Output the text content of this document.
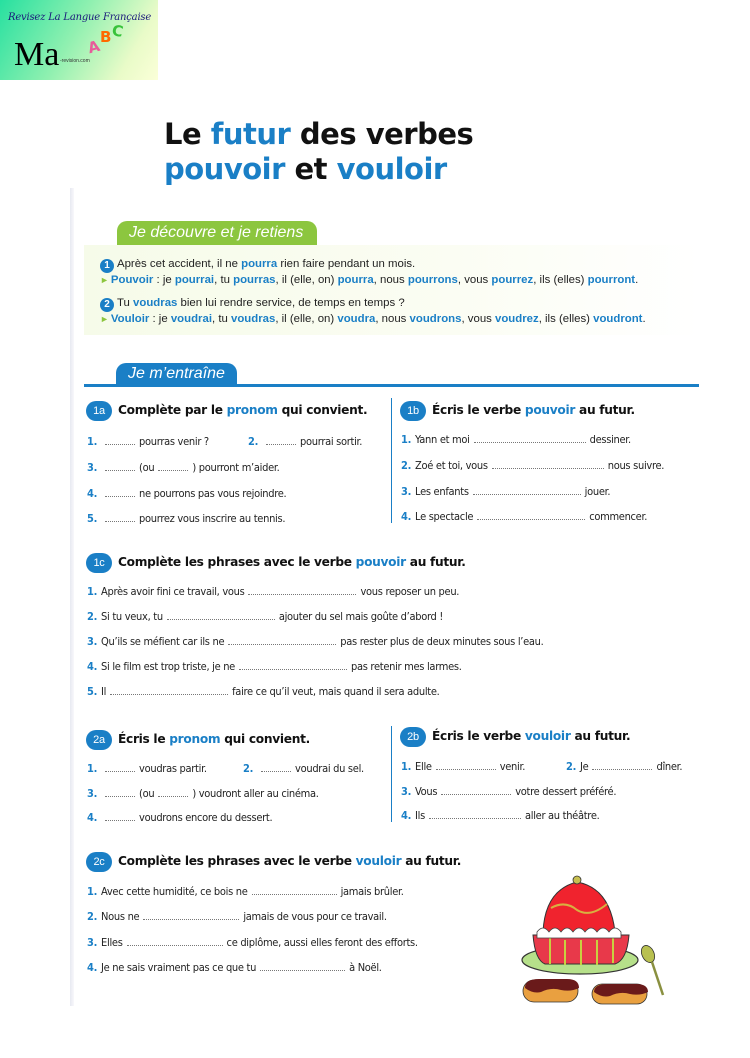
Revisez La Langue Française
Ma A
B
C
-revision.com
Le futur des verbes
pouvoir et vouloir
Je découvre et je retiens
1 Après cet accident, il ne pourra rien faire pendant un mois.
► Pouvoir : je pourrai, tu pourras, il (elle, on) pourra, nous pourrons, vous pourrez, ils (elles) pourront.
2 Tu voudras bien lui rendre service, de temps en temps ?
► Vouloir : je voudrai, tu voudras, il (elle, on) voudra, nous voudrons, vous voudrez, ils (elles) voudront.
Je m’entraîne
1a Complète par le pronom qui convient.
1.	pourras venir ?	2.	pourrai sortir.
3.	(ou	) pourront m’aider.
4.	ne pourrons pas vous rejoindre.
5.	pourrez vous inscrire au tennis.
1b Écris le verbe pouvoir au futur.
1. Yann et moi	dessiner.
2. Zoé et toi, vous	nous suivre.
3. Les enfants	jouer.
4. Le spectacle	commencer.
1c Complète les phrases avec le verbe pouvoir au futur.
1. Après avoir fini ce travail, vous	vous reposer un peu.
2. Si tu veux, tu	ajouter du sel mais goûte d’abord !
3. Qu’ils se méfient car ils ne	pas rester plus de deux minutes sous l’eau.
4. Si le film est trop triste, je ne	pas retenir mes larmes.
5. Il	faire ce qu’il veut, mais quand il sera adulte.
2a Écris le pronom qui convient.
1.	voudras partir.	2.	voudrai du sel.
3.	(ou	) voudront aller au cinéma.
4.	voudrons encore du dessert.
2b Écris le verbe vouloir au futur.
1. Elle	venir.	2. Je	dîner.
3. Vous	votre dessert préféré.
4. Ils	aller au théâtre.
2c Complète les phrases avec le verbe vouloir au futur.
1. Avec cette humidité, ce bois ne	jamais brûler.
2. Nous ne	jamais de vous pour ce travail.
3. Elles	ce diplôme, aussi elles feront des efforts.
4. Je ne sais vraiment pas ce que tu	à Noël.
